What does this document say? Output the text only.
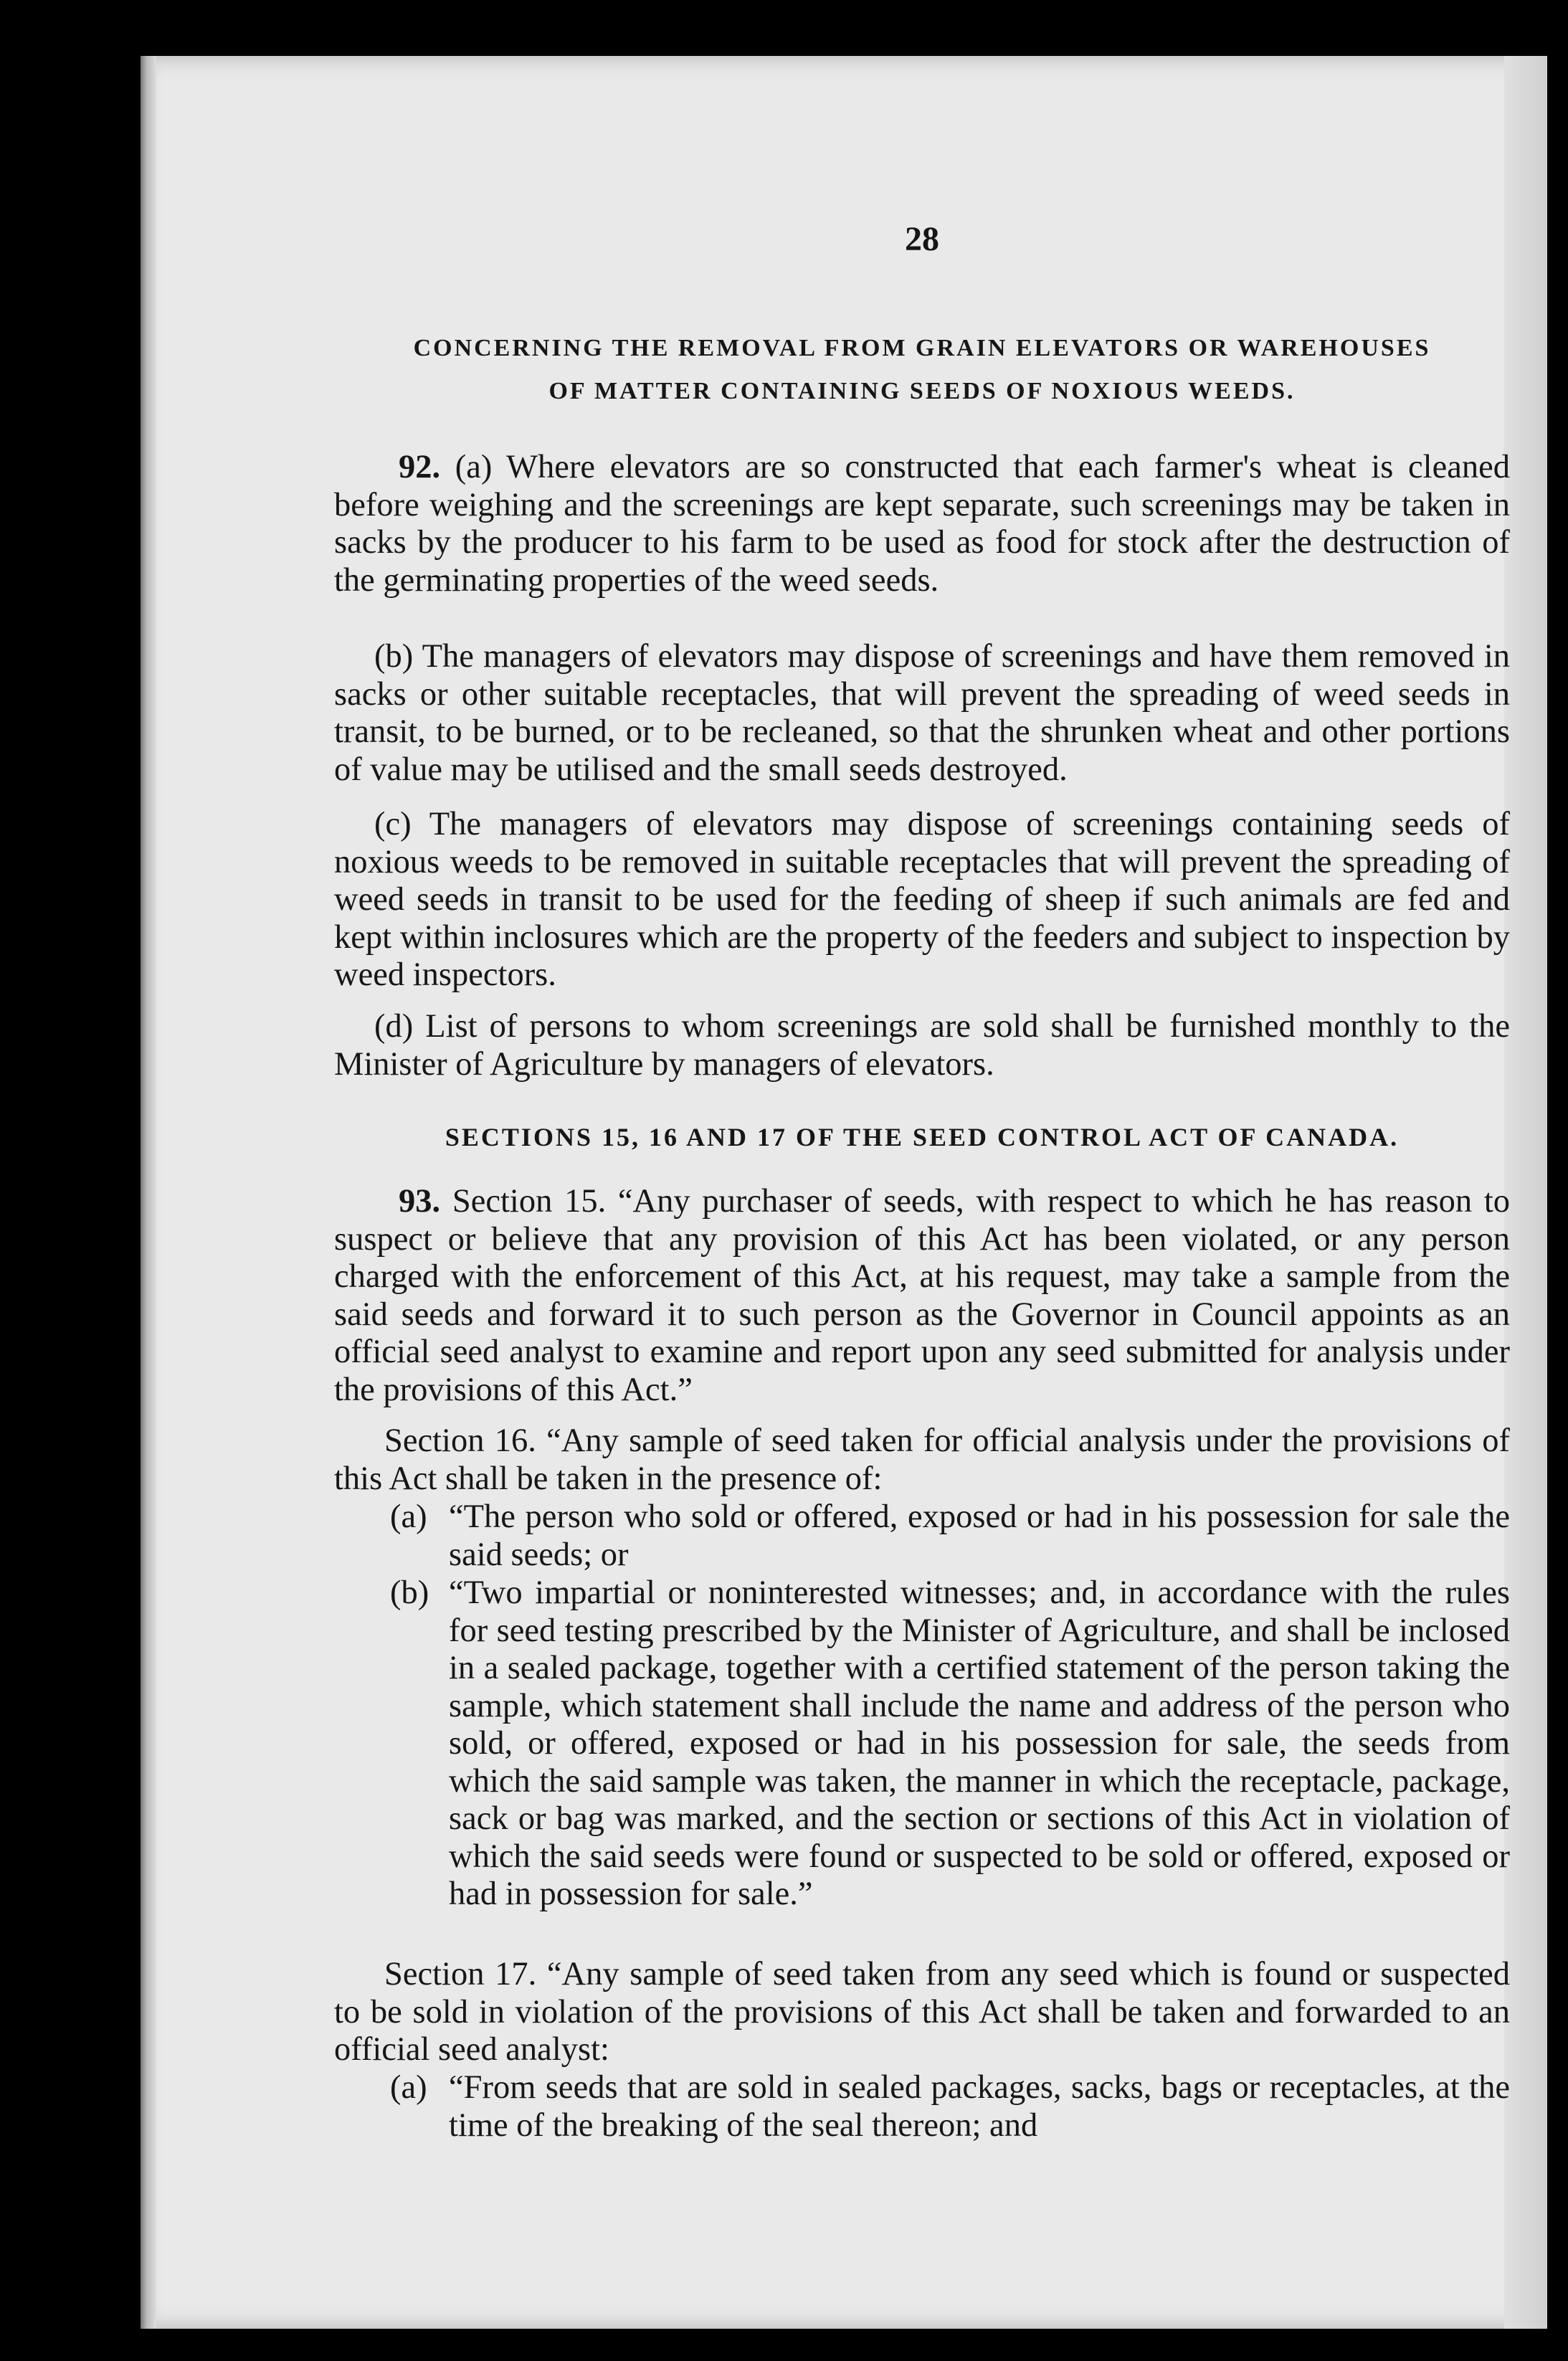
28
CONCERNING THE REMOVAL FROM GRAIN ELEVATORS OR WAREHOUSES
OF MATTER CONTAINING SEEDS OF NOXIOUS WEEDS.

92. (a) Where elevators are so constructed that each farmer's wheat is cleaned before weighing and the screenings are kept separate, such screenings may be taken in sacks by the producer to his farm to be used as food for stock after the destruction of the germinating properties of the weed seeds.

(b) The managers of elevators may dispose of screenings and have them removed in sacks or other suitable receptacles, that will prevent the spreading of weed seeds in transit, to be burned, or to be recleaned, so that the shrunken wheat and other portions of value may be utilised and the small seeds destroyed.

(c) The managers of elevators may dispose of screenings containing seeds of noxious weeds to be removed in suitable receptacles that will prevent the spreading of weed seeds in transit to be used for the feeding of sheep if such animals are fed and kept within inclosures which are the property of the feeders and subject to inspection by weed inspectors.

(d) List of persons to whom screenings are sold shall be furnished monthly to the Minister of Agriculture by managers of elevators.

SECTIONS 15, 16 AND 17 OF THE SEED CONTROL ACT OF CANADA.

93. Section 15. “Any purchaser of seeds, with respect to which he has reason to suspect or believe that any provision of this Act has been violated, or any person charged with the enforcement of this Act, at his request, may take a sample from the said seeds and forward it to such person as the Governor in Council appoints as an official seed analyst to examine and report upon any seed submitted for analysis under the provisions of this Act.”

Section 16. “Any sample of seed taken for official analysis under the provisions of this Act shall be taken in the presence of:

(a) “The person who sold or offered, exposed or had in his possession for sale the said seeds; or
(b) “Two impartial or noninterested witnesses; and, in accordance with the rules for seed testing prescribed by the Minister of Agriculture, and shall be inclosed in a sealed package, together with a certified statement of the person taking the sample, which statement shall include the name and address of the person who sold, or offered, exposed or had in his possession for sale, the seeds from which the said sample was taken, the manner in which the receptacle, package, sack or bag was marked, and the section or sections of this Act in violation of which the said seeds were found or suspected to be sold or offered, exposed or had in possession for sale.”

Section 17. “Any sample of seed taken from any seed which is found or suspected to be sold in violation of the provisions of this Act shall be taken and forwarded to an official seed analyst:

(a) “From seeds that are sold in sealed packages, sacks, bags or receptacles, at the time of the breaking of the seal thereon; and
